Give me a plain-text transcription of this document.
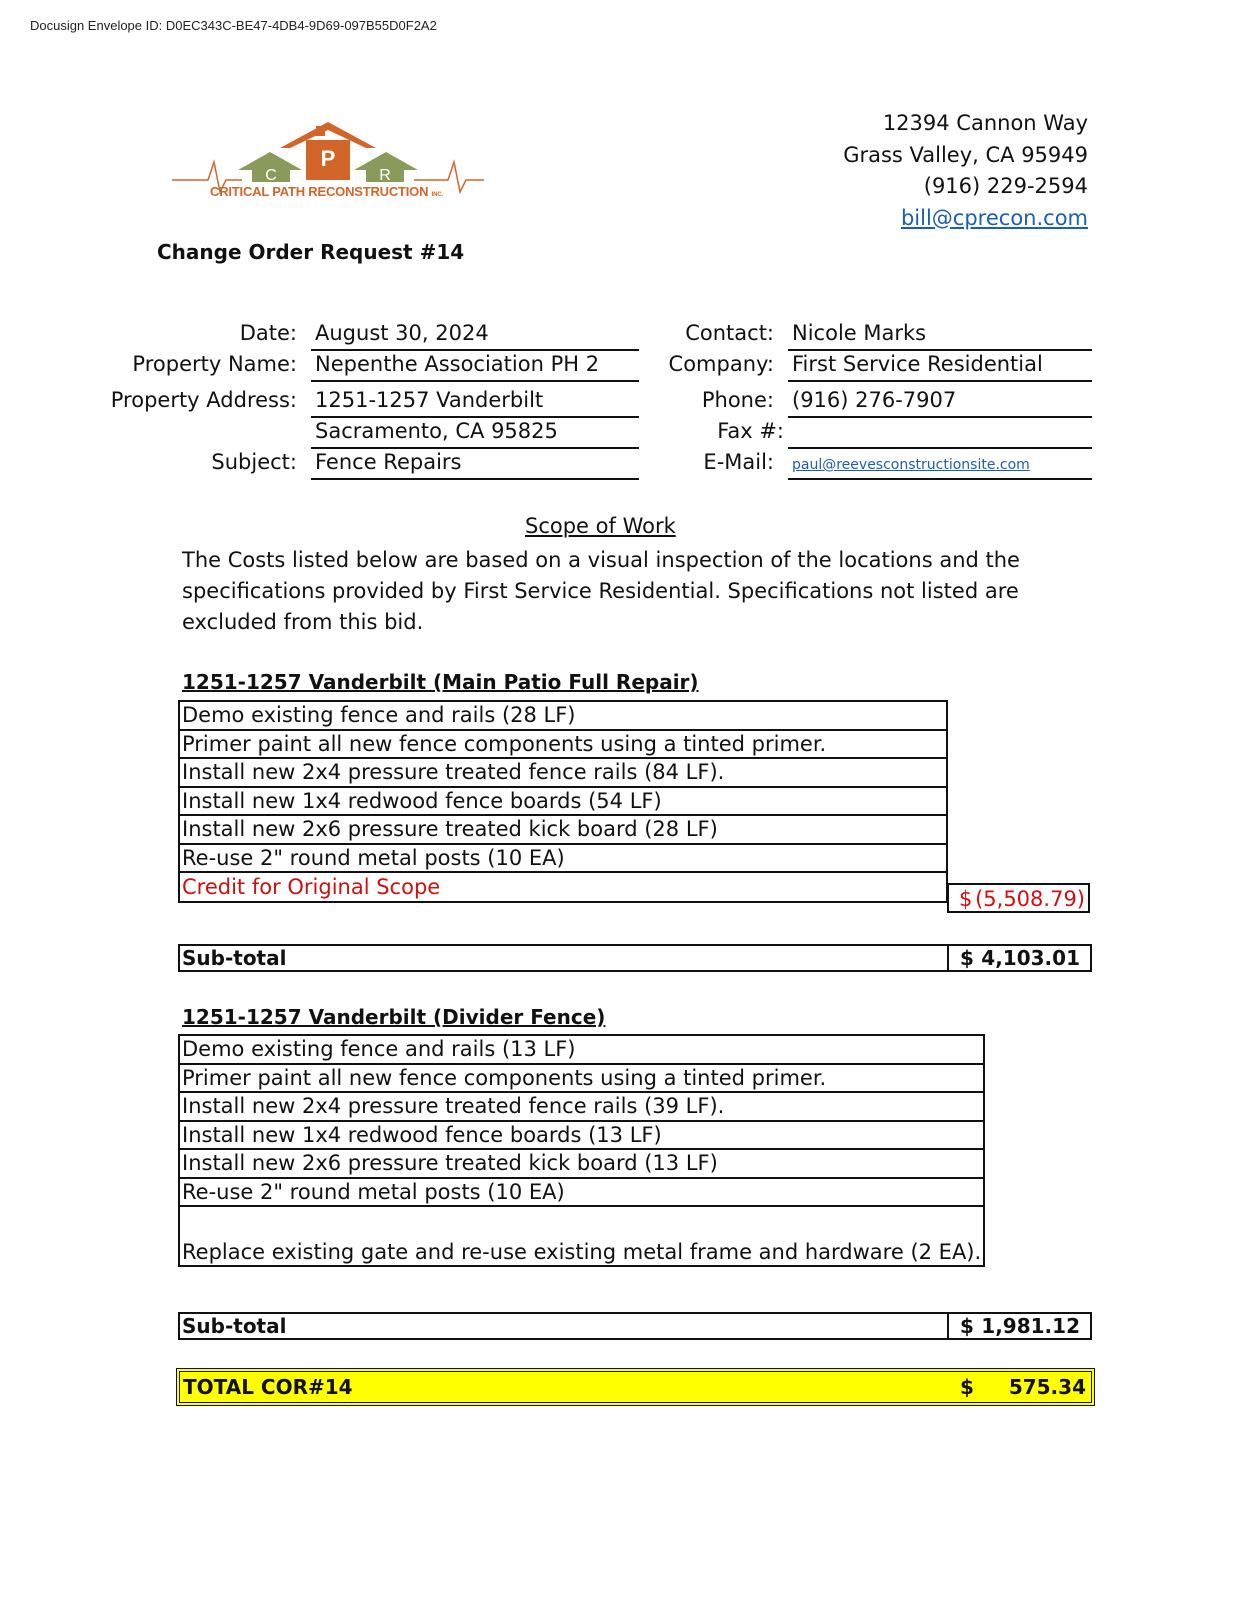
Docusign Envelope ID: D0EC343C-BE47-4DB4-9D69-097B55D0F2A2
P
C	R
CRITICAL PATH RECONSTRUCTION INC.
12394 Cannon Way
Grass Valley, CA 95949
(916) 229-2594
bill@cprecon.com
Change Order Request #14
Date: August 30, 2024
Property Name: Nepenthe Association PH 2
Property Address: 1251-1257 Vanderbilt
Sacramento, CA 95825
Subject: Fence Repairs
Contact: Nicole Marks
Company: First Service Residential
Phone: (916) 276-7907
Fax #:
E-Mail: paul@reevesconstructionsite.com
Scope of Work
The Costs listed below are based on a visual inspection of the locations and the specifications provided by First Service Residential. Specifications not listed are excluded from this bid.
1251-1257 Vanderbilt (Main Patio Full Repair)
Demo existing fence and rails (28 LF)
Primer paint all new fence components using a tinted primer.
Install new 2x4 pressure treated fence rails (84 LF).
Install new 1x4 redwood fence boards (54 LF)
Install new 2x6 pressure treated kick board (28 LF)
Re-use 2" round metal posts (10 EA)
Credit for Original Scope	$ (5,508.79)
Sub-total	$ 4,103.01
1251-1257 Vanderbilt (Divider Fence)
Demo existing fence and rails (13 LF)
Primer paint all new fence components using a tinted primer.
Install new 2x4 pressure treated fence rails (39 LF).
Install new 1x4 redwood fence boards (13 LF)
Install new 2x6 pressure treated kick board (13 LF)
Re-use 2" round metal posts (10 EA)
Replace existing gate and re-use existing metal frame and hardware (2 EA).
Sub-total	$ 1,981.12
TOTAL COR#14	$ 575.34
